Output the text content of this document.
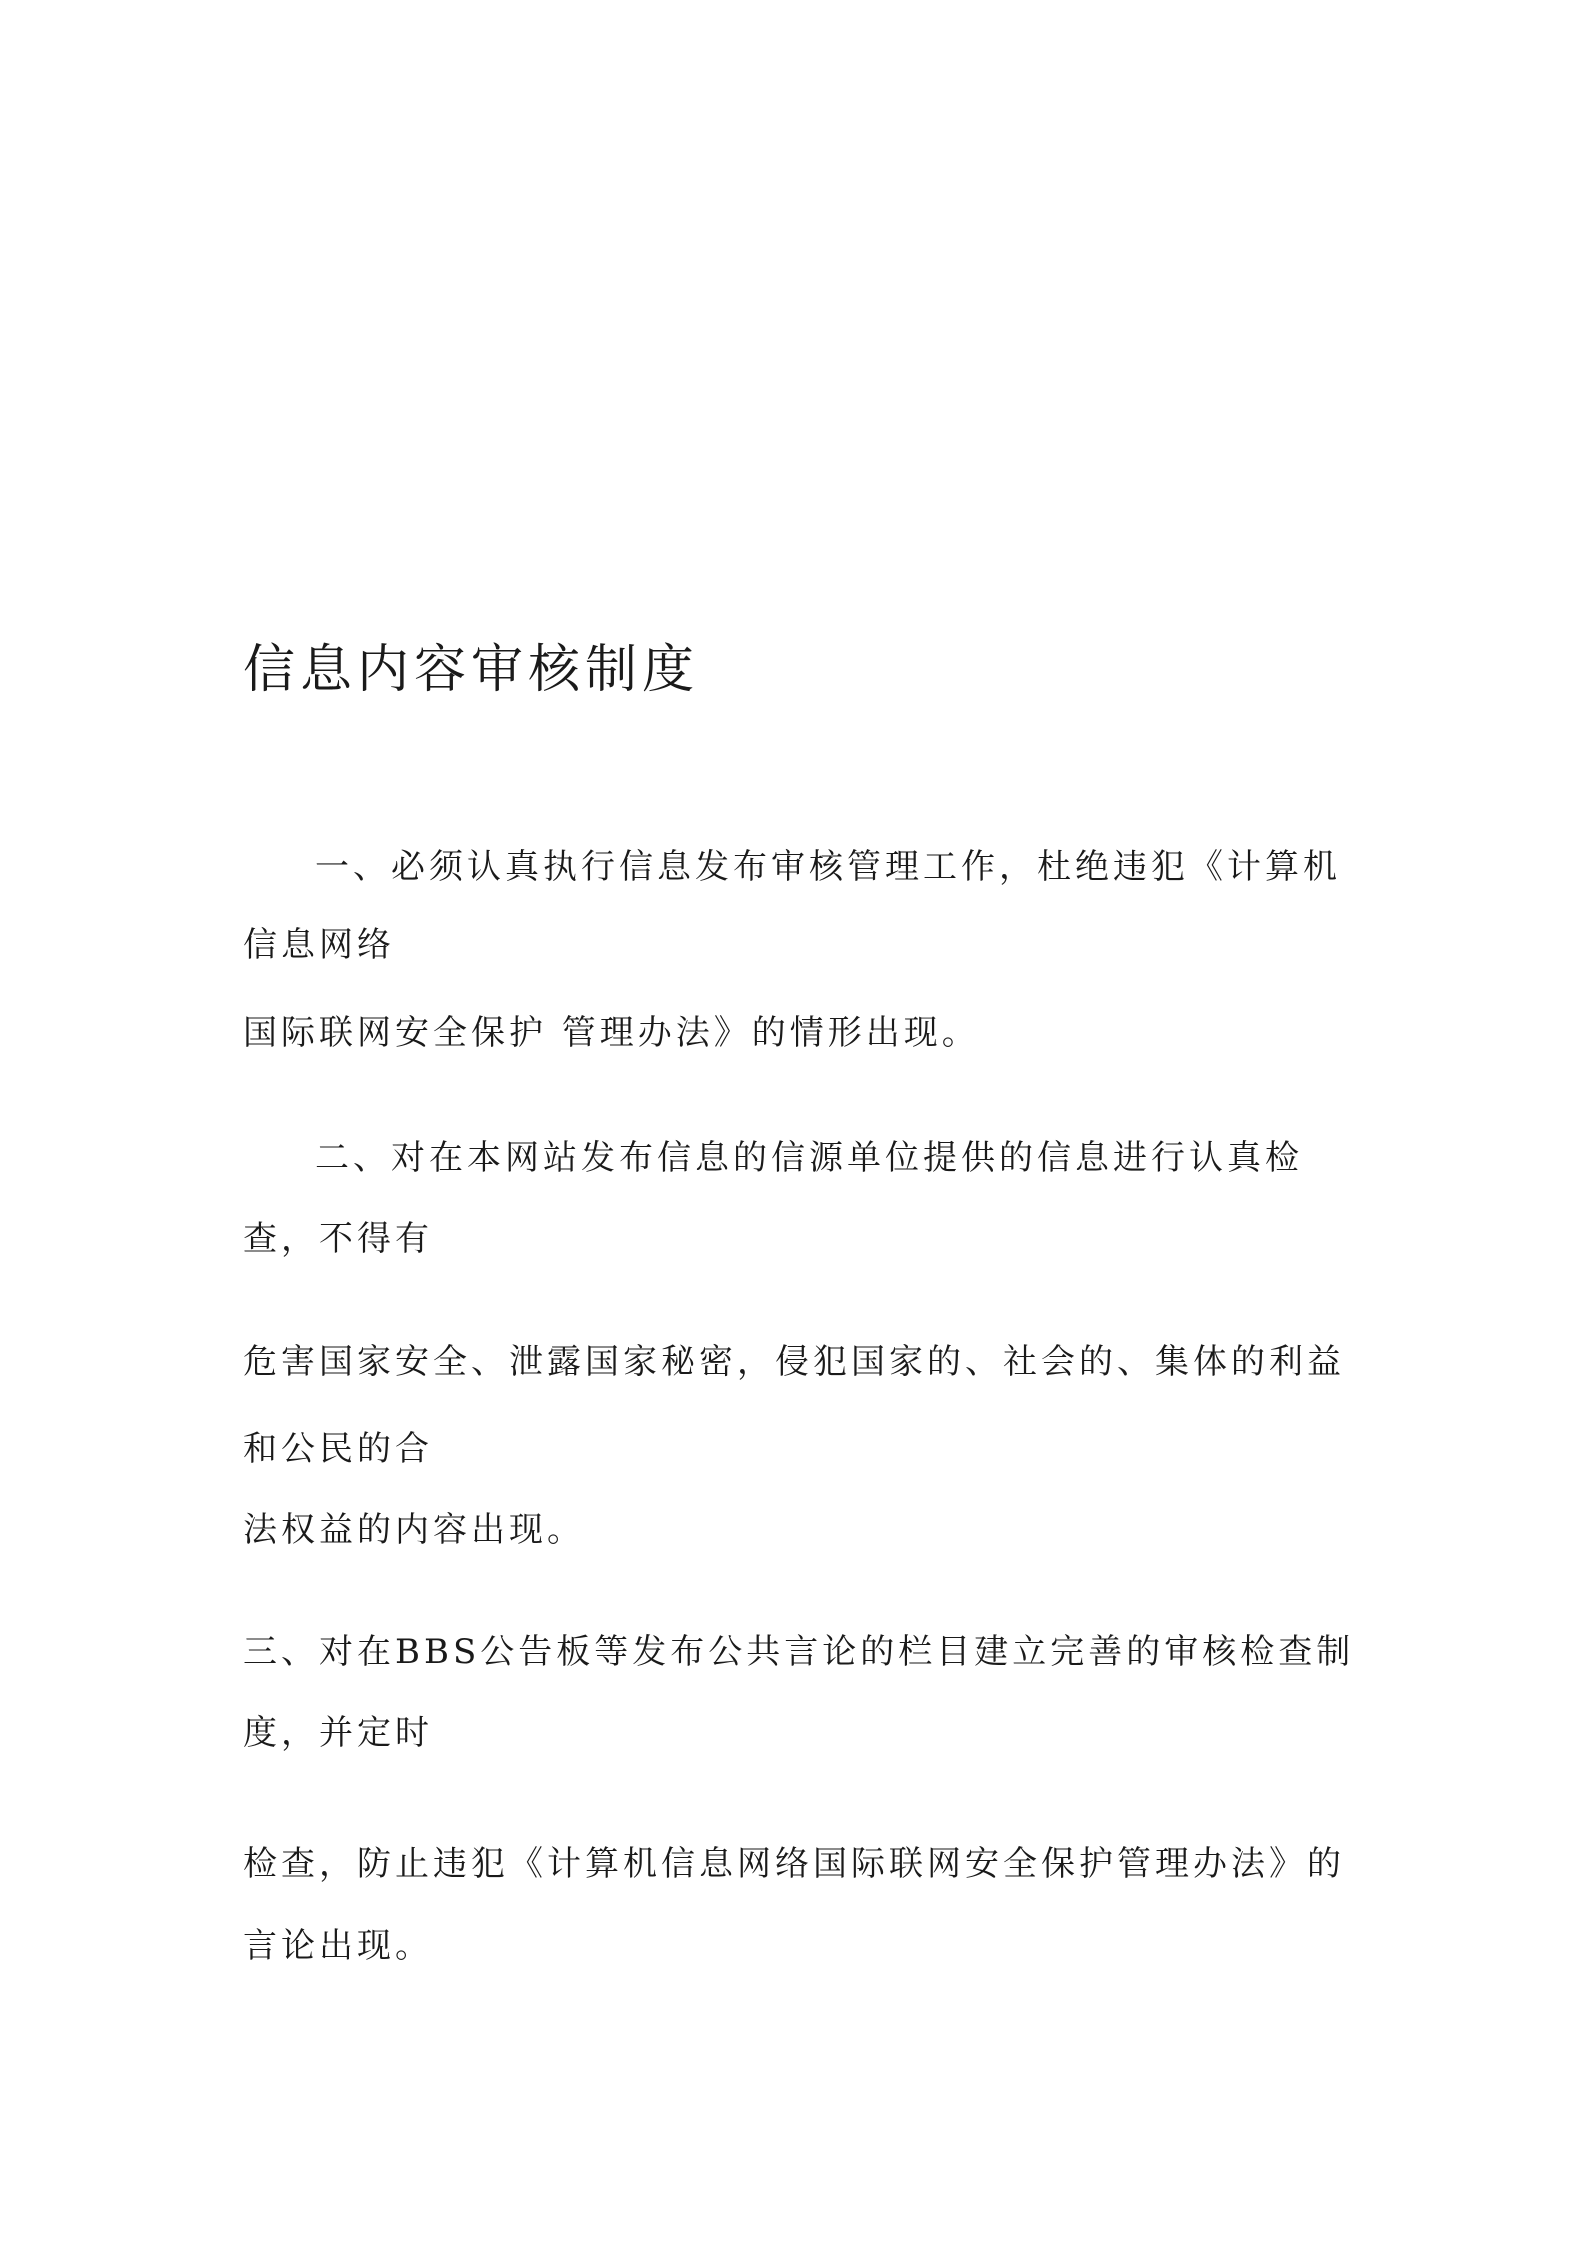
信息内容审核制度

一、必须认真执行信息发布审核管理工作，杜绝违犯《计算机

信息网络

国际联网安全保护 管理办法》的情形出现。

二、对在本网站发布信息的信源单位提供的信息进行认真检

查，不得有

危害国家安全、泄露国家秘密，侵犯国家的、社会的、集体的利益

和公民的合

法权益的内容出现。

三、对在BBS公告板等发布公共言论的栏目建立完善的审核检查制

度，并定时

检查，防止违犯《计算机信息网络国际联网安全保护管理办法》的

言论出现。
